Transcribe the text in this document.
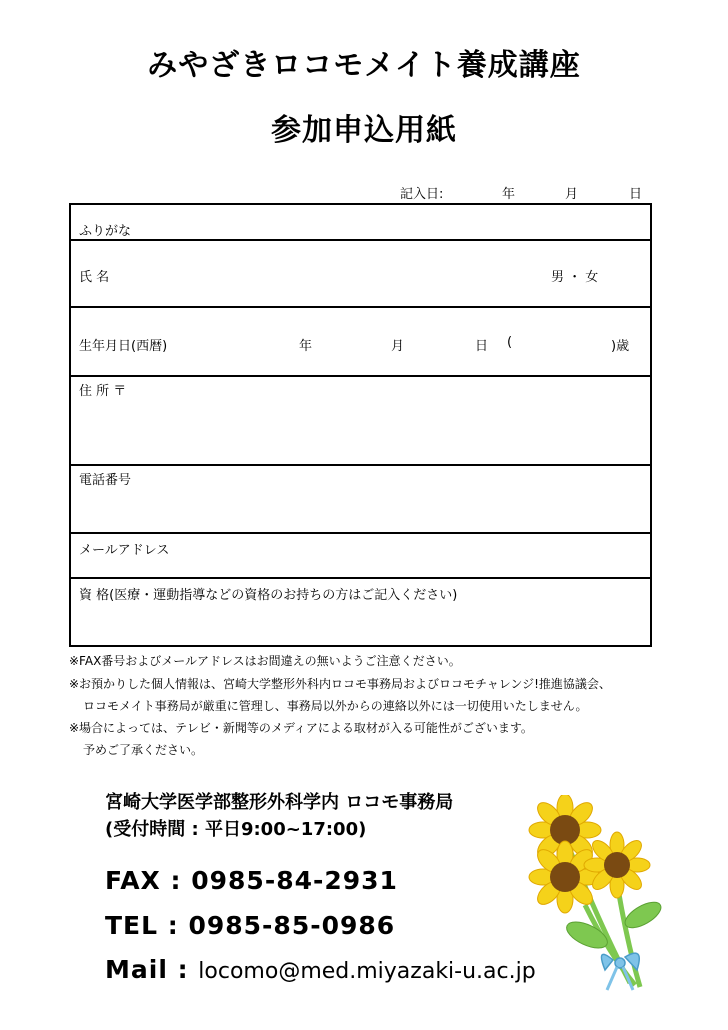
みやざきロコモメイト養成講座
参加申込用紙
記入日:	年	月	日
ふりがな
氏 名	男 ・ 女
生年月日(西暦)	年	月	日 (	)歳
住 所 〒
電話番号
メールアドレス
資 格(医療・運動指導などの資格のお持ちの方はご記入ください)
※FAX番号およびメールアドレスはお間違えの無いようご注意ください。
※お預かりした個人情報は、宮崎大学整形外科内ロコモ事務局およびロコモチャレンジ!推進協議会、
ロコモメイト事務局が厳重に管理し、事務局以外からの連絡以外には一切使用いたしません。
※場合によっては、テレビ・新聞等のメディアによる取材が入る可能性がございます。
予めご了承ください。
宮崎大学医学部整形外科学内 ロコモ事務局
(受付時間 : 平日9:00~17:00)
FAX : 0985-84-2931
TEL : 0985-85-0986
Mail : locomo@med.miyazaki-u.ac.jp
